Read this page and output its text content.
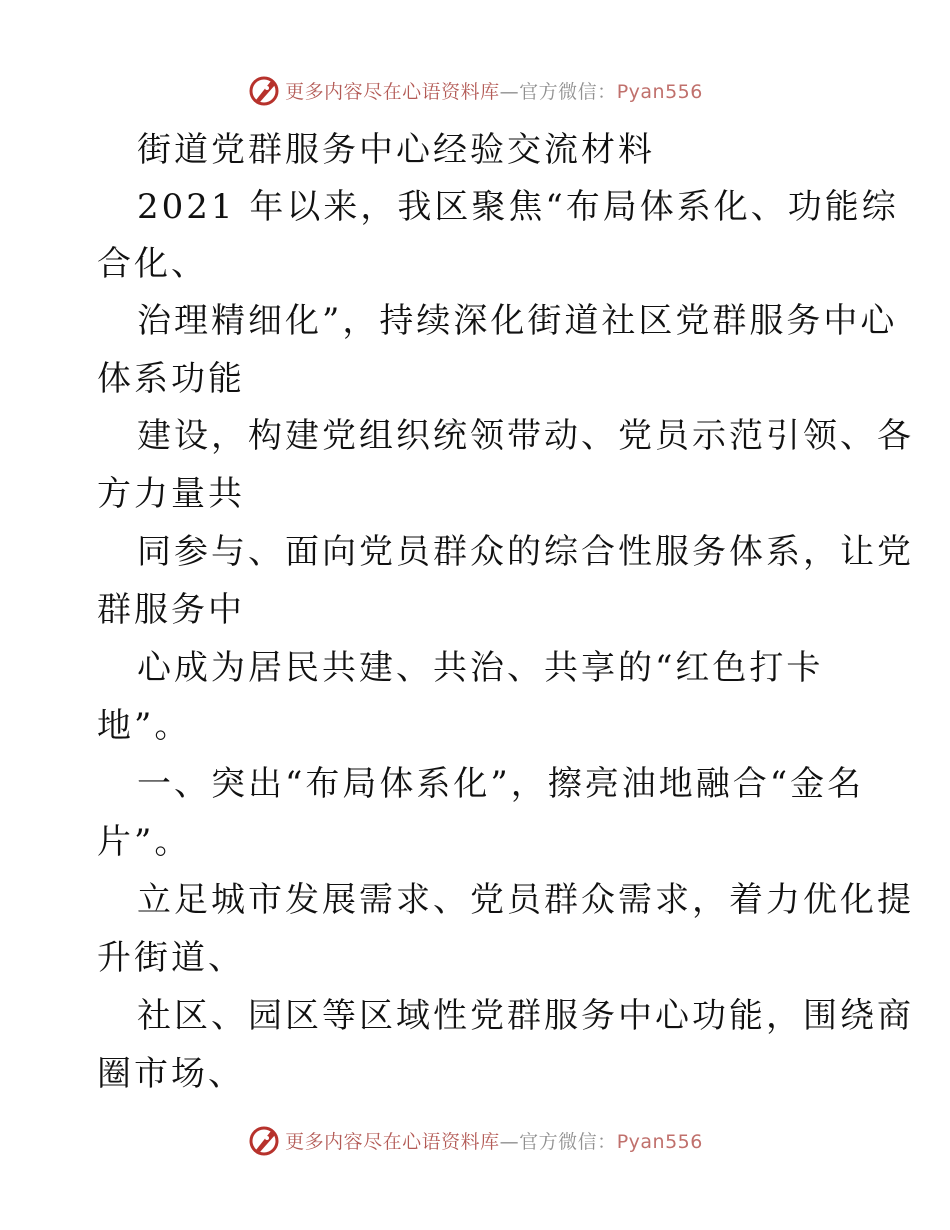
更多内容尽在心语资料库—官方微信：Pyan556
街道党群服务中心经验交流材料
2021 年以来，我区聚焦“布局体系化、功能综
合化、
治理精细化”，持续深化街道社区党群服务中心
体系功能
建设，构建党组织统领带动、党员示范引领、各
方力量共
同参与、面向党员群众的综合性服务体系，让党
群服务中
心成为居民共建、共治、共享的“红色打卡
地”。
一、突出“布局体系化”，擦亮油地融合“金名
片”。
立足城市发展需求、党员群众需求，着力优化提
升街道、
社区、园区等区域性党群服务中心功能，围绕商
圈市场、
更多内容尽在心语资料库—官方微信：Pyan556
